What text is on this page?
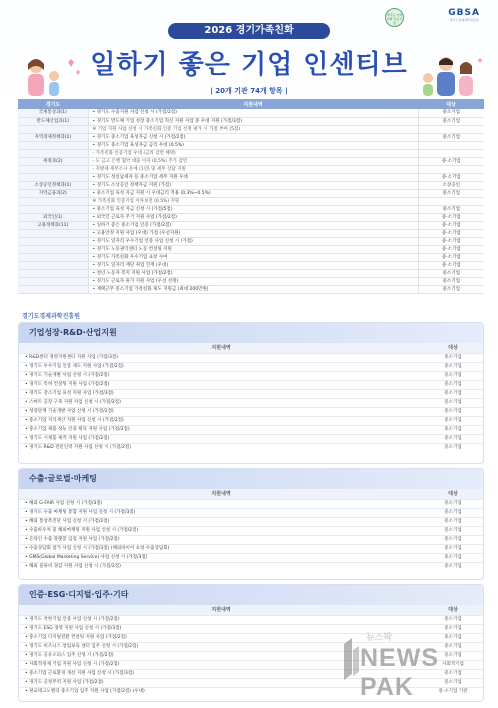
경기도 가족친화 인증기업
GBSA
경기도경제과학진흥원
2026 경기가족친화
일하기 좋은 기업 인센티브
| 20개 기관 74개 항목 |
경기도	지원내역	대상
국제통상과(1)	• 경기도 수출지원 사업 신청 시 (가점/2점)	중소기업
반도체산업과(1)	• 경기도 반도체 기업 성장 중소기업 혁신 지원 사업 중 우대 지원 (가점/3점)	중소기업
	※ 기업 지원 사업 신청 시 가족친화 인증 기업 선정 평가 시 가점 부여 (5점)	
지역경제정책과(1)	• 경기도 중소기업 육성자금 신청 시 (가점/2점)	중소기업
	• 경기도 중소기업 육성자금 금리 우대 (0.5%)	
	- 가족친화 인증기업 우대 (금리 감면 혜택)	
세정과(2)	- 도 금고 은행 협약 대출 이자 (0.5%) 추가 감면	중·소기업
	- 지방세 세무조사 유예 (1년) 및 세무 상담 지원	
	• 경기도 성실납세자 등 중소기업 세무 지원 우대	중·소기업
소상공인정책과(1)	• 경기도 소상공인 정책자금 지원 (가점)	소상공인
지역금융과(2)	• 중소기업 육성 자금 지원 시 우대금리 적용 (0.3%~0.5%)	중소기업
	※ 가족친화 인증기업 이차보전 (0.5%) 지원	
	• 중소기업 육성 자금 신청 시 (가점/5점)	중소기업
외국인(1)	• 외국인 근로자 주거 지원 사업 (가점/2점)	중·소기업
고용정책과(11)	• 일하기 좋은 중소기업 인증 (가점/2점)	중·소기업
	• 고용안정 지원 사업 (우대) 가점 (우선지원)	중·소기업
	• 경기도 일자리 우수기업 인증 사업 신청 시 (가점)	중·소기업
	• 경기도 노동권익센터 노동 컨설팅 지원	중·소기업
	• 경기도 가족친화 우수기업 표창 수여	중·소기업
	• 경기도 일자리 재단 취업 연계 (우대)	중·소기업
	• 청년 노동자 복지 지원 사업 (가점/2점)	중소기업
	• 경기도 근로자 휴가 지원 사업 (우선 선정)	중소기업
	• 재택근무 중소기업 가족친화 제도 지원금 (최대 200만원)	중소기업
경기도경제과학진흥원
기업성장·R&D·산업지원
지원내역	대상
• R&D센터 경영지원센터 지원 사업 (가점/3점)	중소기업
• 경기도 우수기업 인증 제도 지원 사업 (가점/2점)	중소기업
• 경기도 기술개발 사업 신청 시 (가점/2점)	중소기업
• 경기도 특허 컨설팅 지원 사업 (가점/2점)	중소기업
• 경기도 강소기업 육성 지원 사업 (가점/3점)	중소기업
• 스마트 공장 구축 지원 사업 신청 시 (가점/2점)	중소기업
• 성장단계 기술개발 사업 신청 시 (가점/2점)	중소기업
• 중소기업 지식재산 지원 사업 신청 시 (가점/2점)	중소기업
• 중소기업 제품 성능 인증 획득 지원 사업 (가점/2점)	중소기업
• 경기도 시제품 제작 지원 사업 (가점/2점)	중소기업
• 경기도 R&D 전문인력 지원 사업 신청 시 (가점/2점)	중소기업
수출·글로벌·마케팅
지원내역	대상
• 해외 G-FAIR 사업 신청 시 (가점/3점)	중소기업
• 경기도 수출 마케팅 통합 지원 사업 신청 시 (가점/3점)	중소기업
• 해외 통상촉진단 사업 신청 시 (가점/2점)	중소기업
• 수출바우처 및 해외마케팅 지원 사업 신청 시 (가점/2점)	중소기업
• 온라인 수출 플랫폼 입점 지원 사업 (가점/2점)	중소기업
• 수출상담회 참가 사업 신청 시 (가점/3점) (해외바이어 초청 수출상담회)	중소기업
• GMS(Global Marketing Service) 사업 신청 시 (가점/3점)	중소기업
• 해외 물류비 경감 지원 사업 신청 시 (가점/2점)	중소기업
인증·ESG·디지털·입주·기타
지원내역	대상
• 경기도 착한기업 인증 사업 신청 시 (가점/2점)	중소기업
• 경기도 ESG 경영 지원 사업 신청 시 (가점/3점)	중소기업
• 중소기업 디지털전환 컨설팅 지원 사업 (가점/2점)	중소기업
• 경기도 비즈니스 창업보육 센터 입주 신청 시 (가점/2점)	중소기업
• 경기도 공유오피스 입주 신청 시 (가점/2점)	중소기업
• 사회적경제 기업 지원 사업 신청 시 (가점/2점)	사회적기업
• 중소기업 근로환경 개선 지원 사업 신청 시 (가점/3점)	중소기업
• 경기도 공정무역 지원 사업 (가점/2점)	중소기업
• 판교테크노밸리 중소기업 입주 지원 사업 (가점/2점) (우대)	중·소기업 기관
뉴스팍
NEWS PAK
